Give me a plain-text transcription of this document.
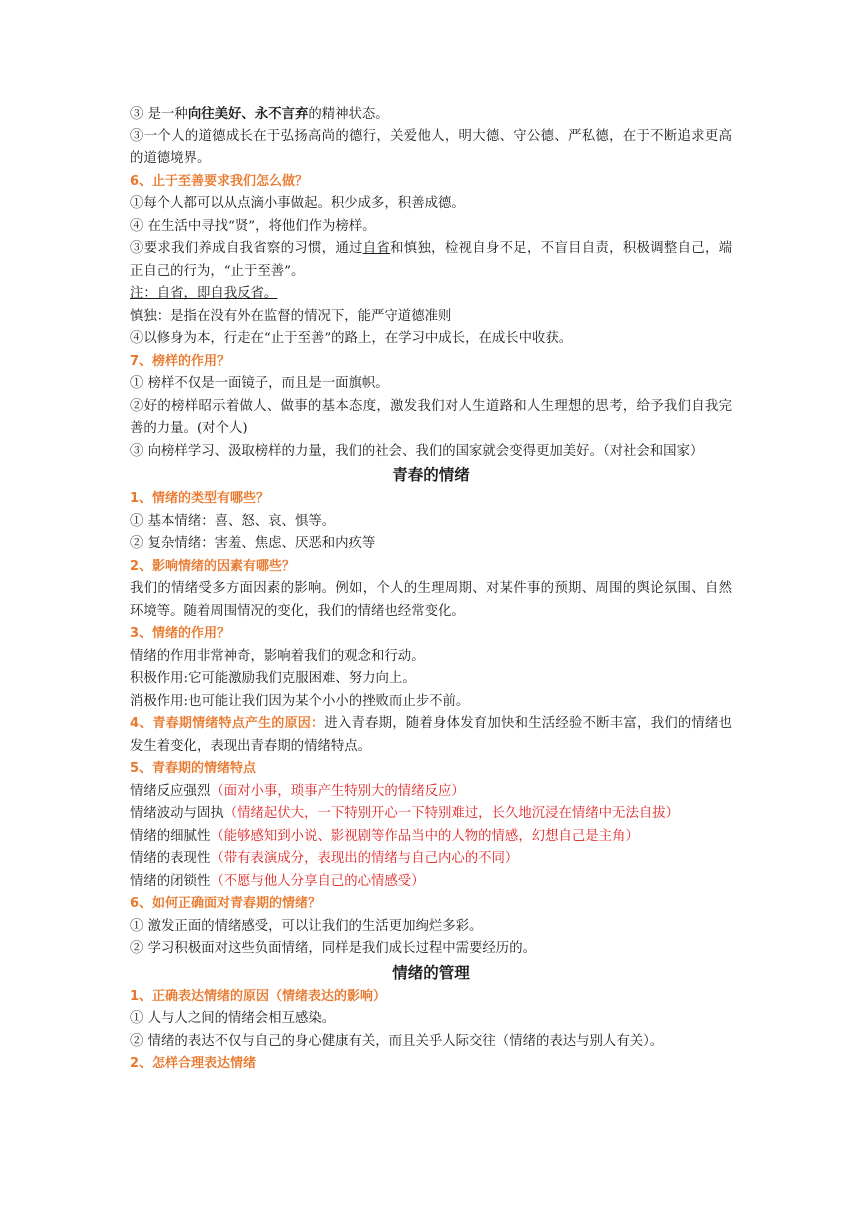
③ 是一种向往美好、永不言弃的精神状态。
③一个人的道德成长在于弘扬高尚的德行，关爱他人，明大德、守公德、严私德，在于不断追求更高的道德境界。
6、止于至善要求我们怎么做？
①每个人都可以从点滴小事做起。积少成多，积善成德。
④ 在生活中寻找“贤”，将他们作为榜样。
③要求我们养成自我省察的习惯，通过自省和慎独，检视自身不足，不盲目自责，积极调整自己，端正自己的行为，“止于至善”。
注：自省，即自我反省。
慎独：是指在没有外在监督的情况下，能严守道德准则
④以修身为本，行走在“止于至善”的路上，在学习中成长，在成长中收获。
7、榜样的作用？
① 榜样不仅是一面镜子，而且是一面旗帜。
②好的榜样昭示着做人、做事的基本态度，激发我们对人生道路和人生理想的思考，给予我们自我完善的力量。(对个人)
③ 向榜样学习、汲取榜样的力量，我们的社会、我们的国家就会变得更加美好。（对社会和国家）
青春的情绪
1、情绪的类型有哪些？
① 基本情绪：喜、怒、哀、惧等。
② 复杂情绪：害羞、焦虑、厌恶和内疚等
2、影响情绪的因素有哪些？
我们的情绪受多方面因素的影响。例如，个人的生理周期、对某件事的预期、周围的舆论氛围、自然环境等。随着周围情况的变化，我们的情绪也经常变化。
3、情绪的作用？
情绪的作用非常神奇，影响着我们的观念和行动。
积极作用:它可能激励我们克服困难、努力向上。
消极作用:也可能让我们因为某个小小的挫败而止步不前。
4、青春期情绪特点产生的原因：进入青春期，随着身体发育加快和生活经验不断丰富，我们的情绪也发生着变化，表现出青春期的情绪特点。
5、青春期的情绪特点
情绪反应强烈（面对小事，琐事产生特别大的情绪反应）
情绪波动与固执（情绪起伏大，一下特别开心一下特别难过，长久地沉浸在情绪中无法自拔）
情绪的细腻性（能够感知到小说、影视剧等作品当中的人物的情感，幻想自己是主角）
情绪的表现性（带有表演成分，表现出的情绪与自己内心的不同）
情绪的闭锁性（不愿与他人分享自己的心情感受）
6、如何正确面对青春期的情绪？
① 激发正面的情绪感受，可以让我们的生活更加绚烂多彩。
② 学习积极面对这些负面情绪，同样是我们成长过程中需要经历的。
情绪的管理
1、正确表达情绪的原因（情绪表达的影响）
① 人与人之间的情绪会相互感染。
② 情绪的表达不仅与自己的身心健康有关，而且关乎人际交往（情绪的表达与别人有关）。
2、怎样合理表达情绪
